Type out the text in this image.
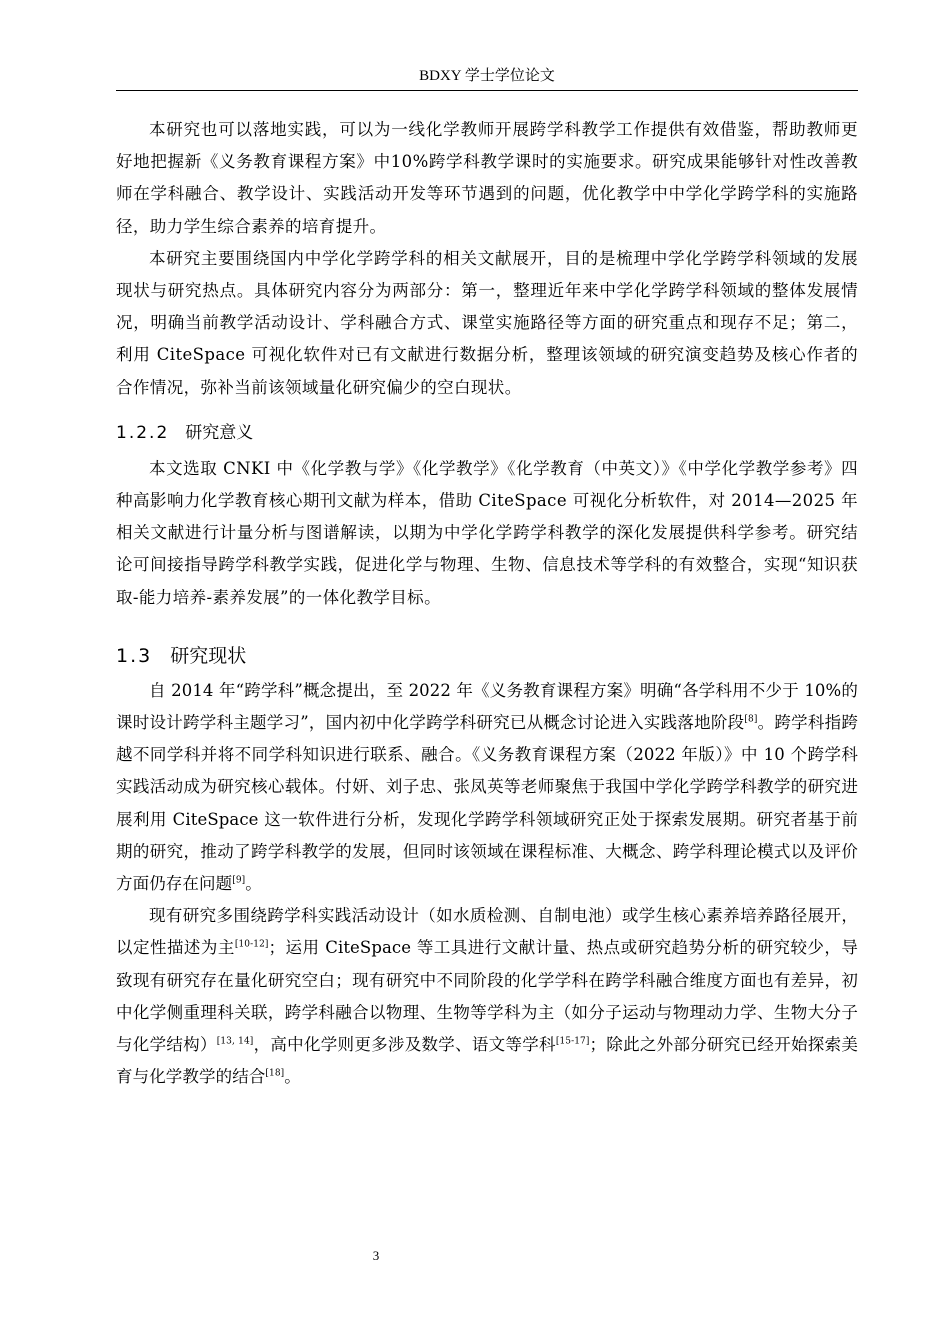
BDXY 学士学位论文

本研究也可以落地实践，可以为一线化学教师开展跨学科教学工作提供有效借鉴，帮助教师更好地把握新《义务教育课程方案》中10%跨学科教学课时的实施要求。研究成果能够针对性改善教师在学科融合、教学设计、实践活动开发等环节遇到的问题，优化教学中中学化学跨学科的实施路径，助力学生综合素养的培育提升。

本研究主要围绕国内中学化学跨学科的相关文献展开，目的是梳理中学化学跨学科领域的发展现状与研究热点。具体研究内容分为两部分：第一，整理近年来中学化学跨学科领域的整体发展情况，明确当前教学活动设计、学科融合方式、课堂实施路径等方面的研究重点和现存不足；第二，利用 CiteSpace 可视化软件对已有文献进行数据分析，整理该领域的研究演变趋势及核心作者的合作情况，弥补当前该领域量化研究偏少的空白现状。

1.2.2 研究意义

本文选取 CNKI 中《化学教与学》《化学教学》《化学教育（中英文）》《中学化学教学参考》四种高影响力化学教育核心期刊文献为样本，借助 CiteSpace 可视化分析软件，对 2014—2025 年相关文献进行计量分析与图谱解读，以期为中学化学跨学科教学的深化发展提供科学参考。研究结论可间接指导跨学科教学实践，促进化学与物理、生物、信息技术等学科的有效整合，实现“知识获取-能力培养-素养发展”的一体化教学目标。

1.3 研究现状

自 2014 年“跨学科”概念提出，至 2022 年《义务教育课程方案》明确“各学科用不少于 10%的课时设计跨学科主题学习”，国内初中化学跨学科研究已从概念讨论进入实践落地阶段[8]。跨学科指跨越不同学科并将不同学科知识进行联系、融合。《义务教育课程方案（2022 年版）》中 10 个跨学科实践活动成为研究核心载体。付妍、刘子忠、张凤英等老师聚焦于我国中学化学跨学科教学的研究进展利用 CiteSpace 这一软件进行分析，发现化学跨学科领域研究正处于探索发展期。研究者基于前期的研究，推动了跨学科教学的发展，但同时该领域在课程标准、大概念、跨学科理论模式以及评价方面仍存在问题[9]。

现有研究多围绕跨学科实践活动设计（如水质检测、自制电池）或学生核心素养培养路径展开，以定性描述为主[10-12]；运用 CiteSpace 等工具进行文献计量、热点或研究趋势分析的研究较少，导致现有研究存在量化研究空白；现有研究中不同阶段的化学学科在跨学科融合维度方面也有差异，初中化学侧重理科关联，跨学科融合以物理、生物等学科为主（如分子运动与物理动力学、生物大分子与化学结构）[13, 14]，高中化学则更多涉及数学、语文等学科[15-17]；除此之外部分研究已经开始探索美育与化学教学的结合[18]。

3
